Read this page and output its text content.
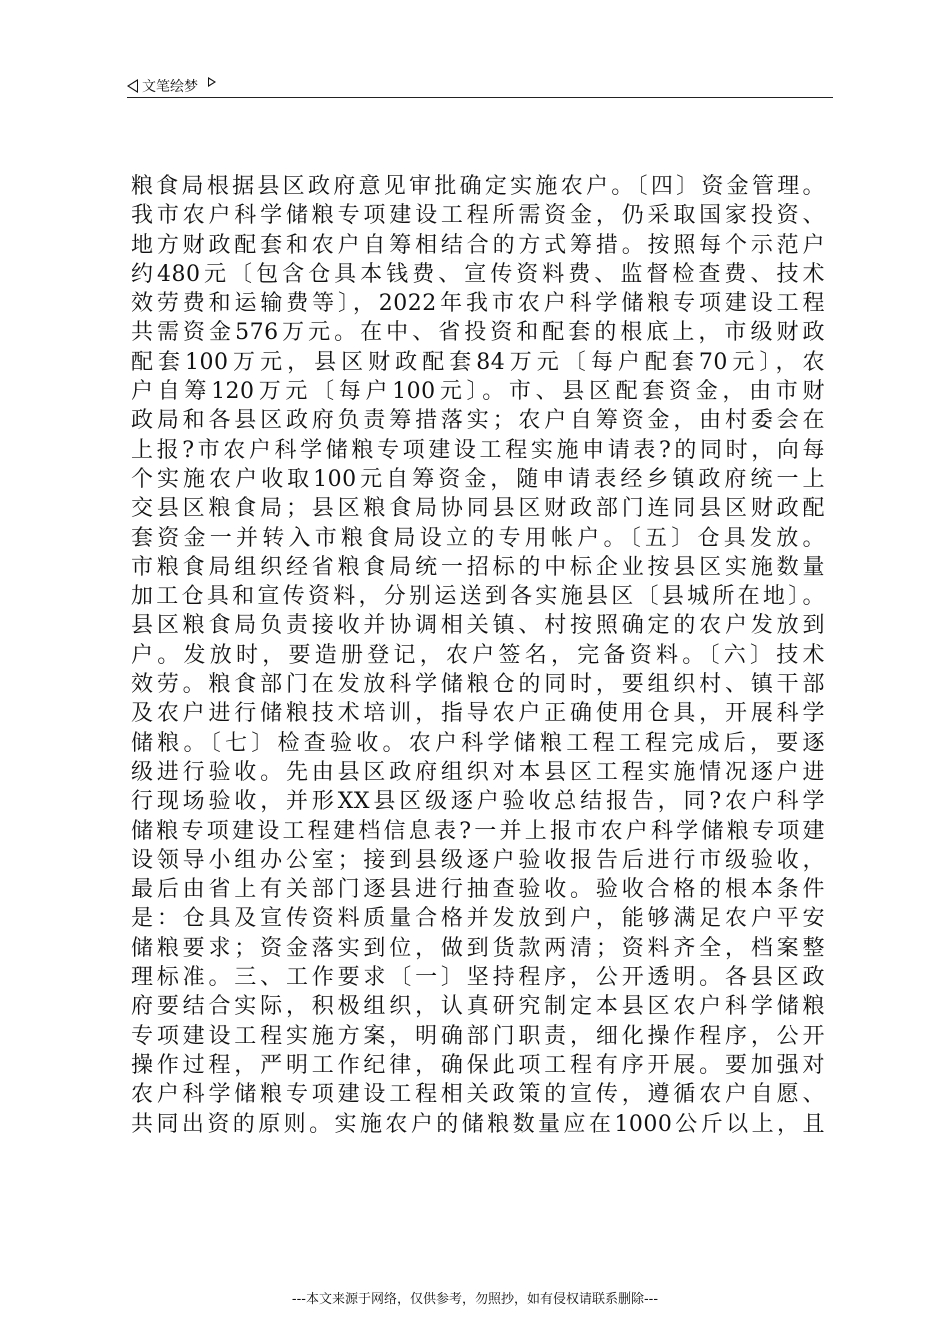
文笔绘梦
粮食局根据县区政府意见审批确定实施农户。〔四〕资金管理。
我市农户科学储粮专项建设工程所需资金，仍采取国家投资、
地方财政配套和农户自筹相结合的方式筹措。按照每个示范户
约480元〔包含仓具本钱费、宣传资料费、监督检查费、技术
效劳费和运输费等〕，2022年我市农户科学储粮专项建设工程
共需资金576万元。在中、省投资和配套的根底上，市级财政
配套100万元，县区财政配套84万元〔每户配套70元〕，农
户自筹120万元〔每户100元〕。市、县区配套资金，由市财
政局和各县区政府负责筹措落实；农户自筹资金，由村委会在
上报?市农户科学储粮专项建设工程实施申请表?的同时，向每
个实施农户收取100元自筹资金，随申请表经乡镇政府统一上
交县区粮食局；县区粮食局协同县区财政部门连同县区财政配
套资金一并转入市粮食局设立的专用帐户。〔五〕仓具发放。
市粮食局组织经省粮食局统一招标的中标企业按县区实施数量
加工仓具和宣传资料，分别运送到各实施县区〔县城所在地〕。
县区粮食局负责接收并协调相关镇、村按照确定的农户发放到
户。发放时，要造册登记，农户签名，完备资料。〔六〕技术
效劳。粮食部门在发放科学储粮仓的同时，要组织村、镇干部
及农户进行储粮技术培训，指导农户正确使用仓具，开展科学
储粮。〔七〕检查验收。农户科学储粮工程工程完成后，要逐
级进行验收。先由县区政府组织对本县区工程实施情况逐户进
行现场验收，并形XX县区级逐户验收总结报告，同?农户科学
储粮专项建设工程建档信息表?一并上报市农户科学储粮专项建
设领导小组办公室；接到县级逐户验收报告后进行市级验收，
最后由省上有关部门逐县进行抽查验收。验收合格的根本条件
是：仓具及宣传资料质量合格并发放到户，能够满足农户平安
储粮要求；资金落实到位，做到货款两清；资料齐全，档案整
理标准。三、工作要求〔一〕坚持程序，公开透明。各县区政
府要结合实际，积极组织，认真研究制定本县区农户科学储粮
专项建设工程实施方案，明确部门职责，细化操作程序，公开
操作过程，严明工作纪律，确保此项工程有序开展。要加强对
农户科学储粮专项建设工程相关政策的宣传，遵循农户自愿、
共同出资的原则。实施农户的储粮数量应在1000公斤以上，且
---本文来源于网络，仅供参考，勿照抄，如有侵权请联系删除---
